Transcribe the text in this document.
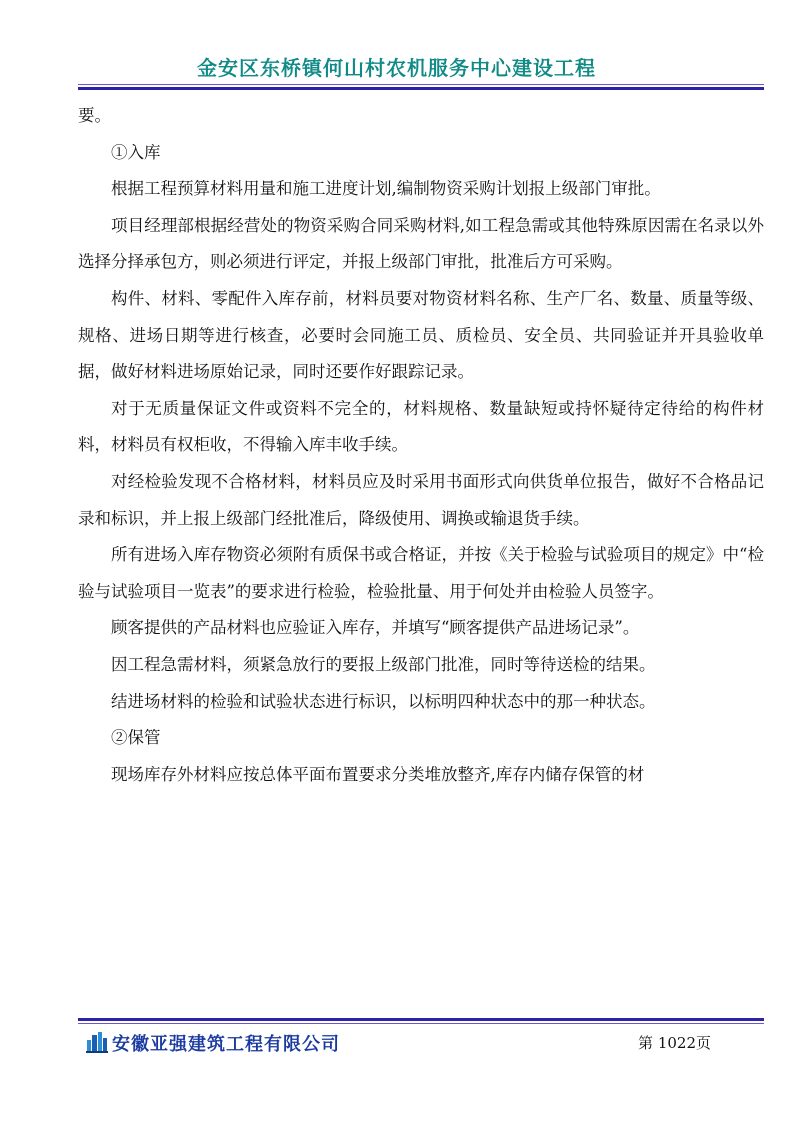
金安区东桥镇何山村农机服务中心建设工程

要。

①入库

根据工程预算材料用量和施工进度计划,编制物资采购计划报上级部门审批。

项目经理部根据经营处的物资采购合同采购材料,如工程急需或其他特殊原因需在名录以外选择分择承包方，则必须进行评定，并报上级部门审批，批准后方可采购。

构件、材料、零配件入库存前，材料员要对物资材料名称、生产厂名、数量、质量等级、规格、进场日期等进行核查，必要时会同施工员、质检员、安全员、共同验证并开具验收单据，做好材料进场原始记录，同时还要作好跟踪记录。

对于无质量保证文件或资料不完全的，材料规格、数量缺短或持怀疑待定待给的构件材料，材料员有权柜收，不得输入库丰收手续。

对经检验发现不合格材料，材料员应及时采用书面形式向供货单位报告，做好不合格品记录和标识，并上报上级部门经批准后，降级使用、调换或输退货手续。

所有进场入库存物资必须附有质保书或合格证，并按《关于检验与试验项目的规定》中“检验与试验项目一览表”的要求进行检验，检验批量、用于何处并由检验人员签字。

顾客提供的产品材料也应验证入库存，并填写“顾客提供产品进场记录”。

因工程急需材料，须紧急放行的要报上级部门批准，同时等待送检的结果。

结进场材料的检验和试验状态进行标识，以标明四种状态中的那一种状态。

②保管

现场库存外材料应按总体平面布置要求分类堆放整齐,库存内储存保管的材

安徽亚强建筑工程有限公司	第 1022页
